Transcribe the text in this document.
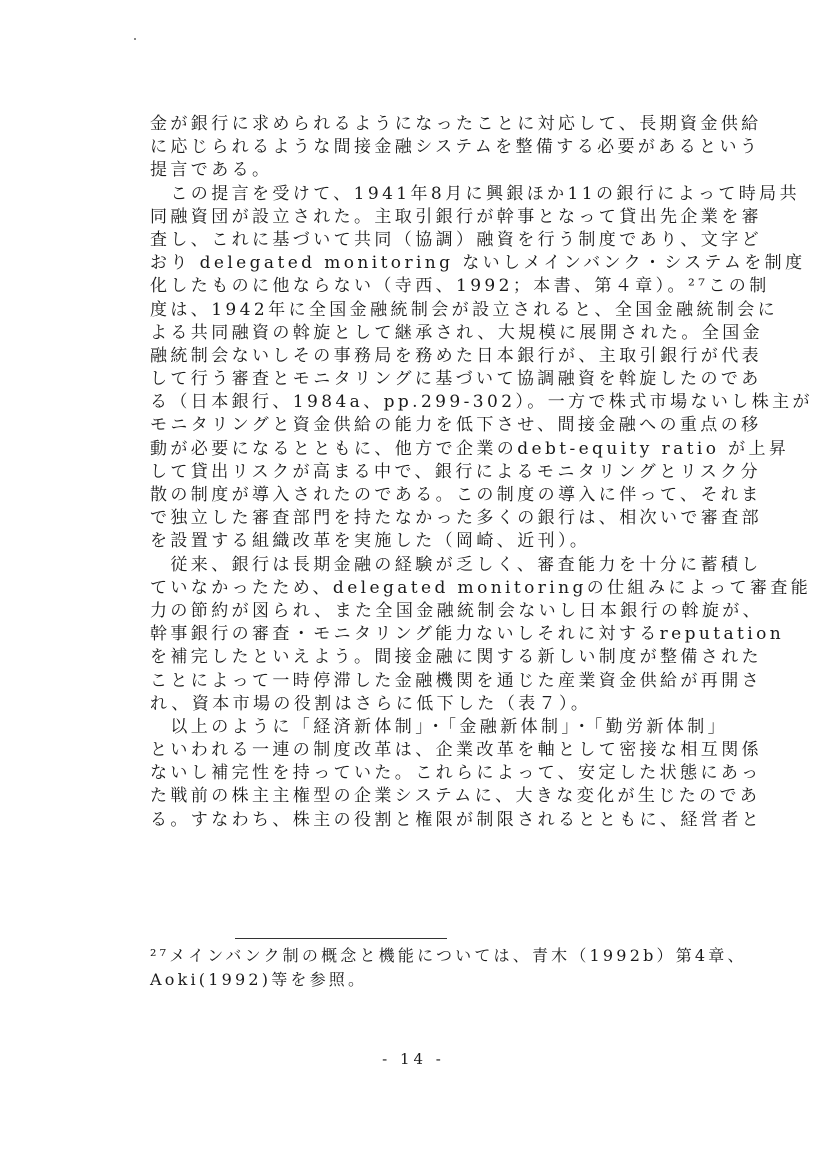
金が銀行に求められるようになったことに対応して、長期資金供給
に応じられるような間接金融システムを整備する必要があるという
提言である。
　この提言を受けて、1941年8月に興銀ほか11の銀行によって時局共
同融資団が設立された。主取引銀行が幹事となって貸出先企業を審
査し、これに基づいて共同（協調）融資を行う制度であり、文字ど
おり delegated monitoring ないしメインバンク・システムを制度
化したものに他ならない（寺西、1992；本書、第４章）。²⁷この制
度は、1942年に全国金融統制会が設立されると、全国金融統制会に
よる共同融資の斡旋として継承され、大規模に展開された。全国金
融統制会ないしその事務局を務めた日本銀行が、主取引銀行が代表
して行う審査とモニタリングに基づいて協調融資を斡旋したのであ
る（日本銀行、1984a、pp.299-302）。一方で株式市場ないし株主が
モニタリングと資金供給の能力を低下させ、間接金融への重点の移
動が必要になるとともに、他方で企業のdebt-equity ratio が上昇
して貸出リスクが高まる中で、銀行によるモニタリングとリスク分
散の制度が導入されたのである。この制度の導入に伴って、それま
で独立した審査部門を持たなかった多くの銀行は、相次いで審査部
を設置する組織改革を実施した（岡崎、近刊）。
　従来、銀行は長期金融の経験が乏しく、審査能力を十分に蓄積し
ていなかったため、delegated monitoringの仕組みによって審査能
力の節約が図られ、また全国金融統制会ないし日本銀行の斡旋が、
幹事銀行の審査・モニタリング能力ないしそれに対するreputation
を補完したといえよう。間接金融に関する新しい制度が整備された
ことによって一時停滞した金融機関を通じた産業資金供給が再開さ
れ、資本市場の役割はさらに低下した（表７）。
　以上のように「経済新体制」・「金融新体制」・「勤労新体制」
といわれる一連の制度改革は、企業改革を軸として密接な相互関係
ないし補完性を持っていた。これらによって、安定した状態にあっ
た戦前の株主主権型の企業システムに、大きな変化が生じたのであ
る。すなわち、株主の役割と権限が制限されるとともに、経営者と
²⁷メインバンク制の概念と機能については、青木（1992b）第4章、
Aoki(1992)等を参照。
- 14 -
